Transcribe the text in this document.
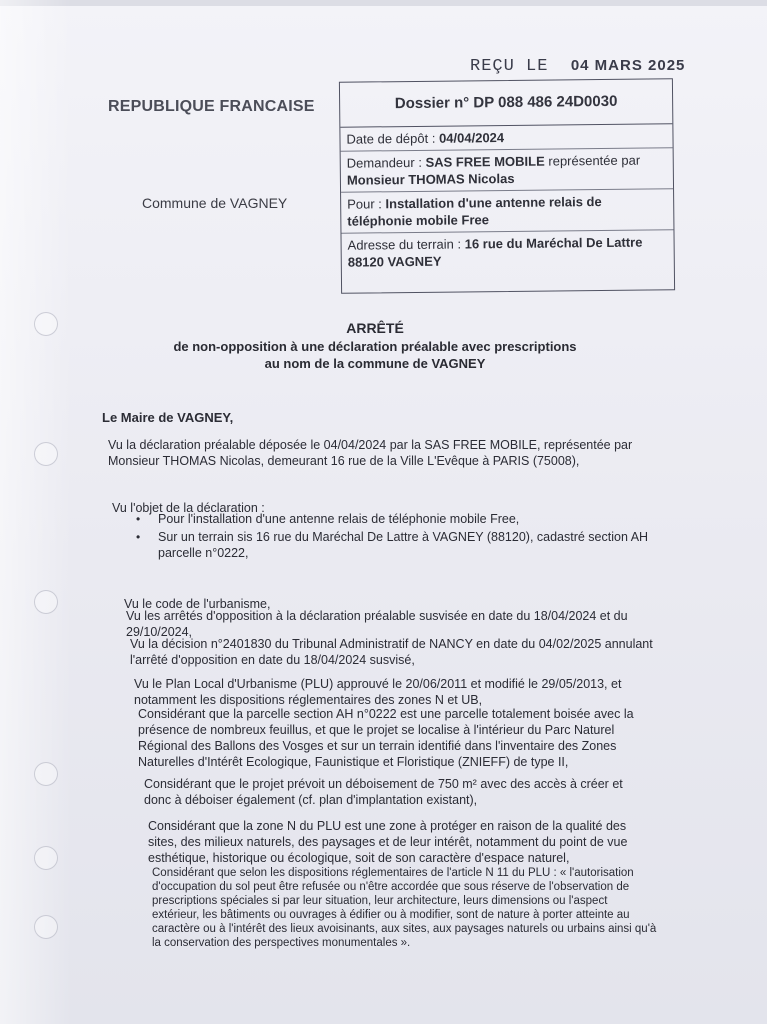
REÇU LE 04 MARS 2025
REPUBLIQUE FRANCAISE
Commune de VAGNEY
Dossier n° DP 088 486 24D0030
Date de dépôt : 04/04/2024
Demandeur : SAS FREE MOBILE représentée par
Monsieur THOMAS Nicolas
Pour : Installation d'une antenne relais de téléphonie mobile Free
Adresse du terrain : 16 rue du Maréchal De Lattre 88120 VAGNEY
ARRÊTÉ
de non-opposition à une déclaration préalable avec prescriptions
au nom de la commune de VAGNEY
Le Maire de VAGNEY,
Vu la déclaration préalable déposée le 04/04/2024 par la SAS FREE MOBILE, représentée par Monsieur THOMAS Nicolas, demeurant 16 rue de la Ville L'Evêque à PARIS (75008),
Vu l'objet de la déclaration :
• Pour l'installation d'une antenne relais de téléphonie mobile Free,
• Sur un terrain sis 16 rue du Maréchal De Lattre à VAGNEY (88120), cadastré section AH parcelle n°0222,
Vu le code de l'urbanisme,
Vu les arrêtés d'opposition à la déclaration préalable susvisée en date du 18/04/2024 et du 29/10/2024,
Vu la décision n°2401830 du Tribunal Administratif de NANCY en date du 04/02/2025 annulant l'arrêté d'opposition en date du 18/04/2024 susvisé,
Vu le Plan Local d'Urbanisme (PLU) approuvé le 20/06/2011 et modifié le 29/05/2013, et notamment les dispositions réglementaires des zones N et UB,
Considérant que la parcelle section AH n°0222 est une parcelle totalement boisée avec la présence de nombreux feuillus, et que le projet se localise à l'intérieur du Parc Naturel Régional des Ballons des Vosges et sur un terrain identifié dans l'inventaire des Zones Naturelles d'Intérêt Ecologique, Faunistique et Floristique (ZNIEFF) de type II,
Considérant que le projet prévoit un déboisement de 750 m² avec des accès à créer et donc à déboiser également (cf. plan d'implantation existant),
Considérant que la zone N du PLU est une zone à protéger en raison de la qualité des sites, des milieux naturels, des paysages et de leur intérêt, notamment du point de vue esthétique, historique ou écologique, soit de son caractère d'espace naturel,
Considérant que selon les dispositions réglementaires de l'article N 11 du PLU : « l'autorisation d'occupation du sol peut être refusée ou n'être accordée que sous réserve de l'observation de prescriptions spéciales si par leur situation, leur architecture, leurs dimensions ou l'aspect extérieur, les bâtiments ou ouvrages à édifier ou à modifier, sont de nature à porter atteinte au caractère ou à l'intérêt des lieux avoisinants, aux sites, aux paysages naturels ou urbains ainsi qu'à la conservation des perspectives monumentales ».
